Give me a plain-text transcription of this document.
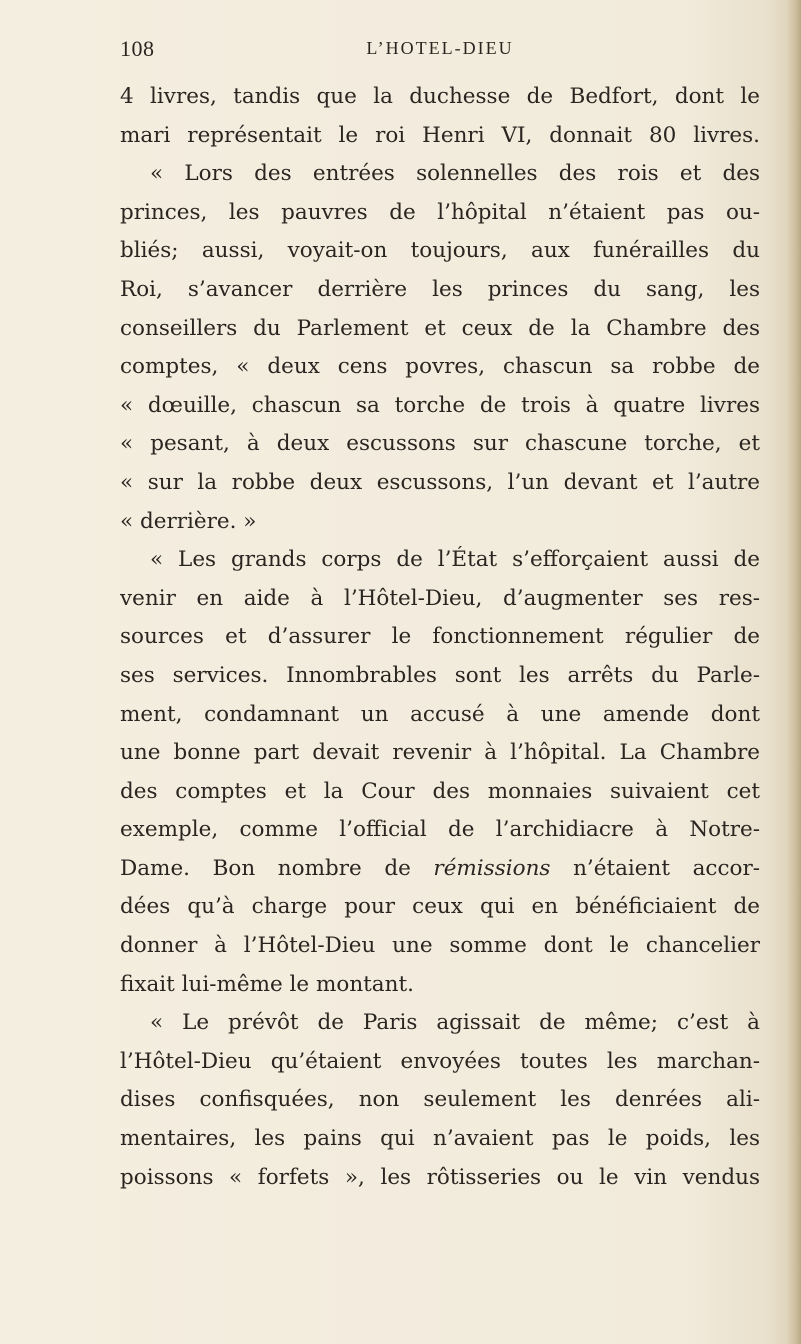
108	L’HOTEL-DIEU
4 livres, tandis que la duchesse de Bedfort, dont le
mari représentait le roi Henri VI, donnait 80 livres.
« Lors des entrées solennelles des rois et des
princes, les pauvres de l’hôpital n’étaient pas ou-
bliés; aussi, voyait-on toujours, aux funérailles du
Roi, s’avancer derrière les princes du sang, les
conseillers du Parlement et ceux de la Chambre des
comptes, « deux cens povres, chascun sa robbe de
« dœuille, chascun sa torche de trois à quatre livres
« pesant, à deux escussons sur chascune torche, et
« sur la robbe deux escussons, l’un devant et l’autre
« derrière. »
« Les grands corps de l’État s’efforçaient aussi de
venir en aide à l’Hôtel-Dieu, d’augmenter ses res-
sources et d’assurer le fonctionnement régulier de
ses services. Innombrables sont les arrêts du Parle-
ment, condamnant un accusé à une amende dont
une bonne part devait revenir à l’hôpital. La Chambre
des comptes et la Cour des monnaies suivaient cet
exemple, comme l’official de l’archidiacre à Notre-
Dame. Bon nombre de rémissions n’étaient accor-
dées qu’à charge pour ceux qui en bénéficiaient de
donner à l’Hôtel-Dieu une somme dont le chancelier
fixait lui-même le montant.
« Le prévôt de Paris agissait de même; c’est à
l’Hôtel-Dieu qu’étaient envoyées toutes les marchan-
dises confisquées, non seulement les denrées ali-
mentaires, les pains qui n’avaient pas le poids, les
poissons « forfets », les rôtisseries ou le vin vendus
